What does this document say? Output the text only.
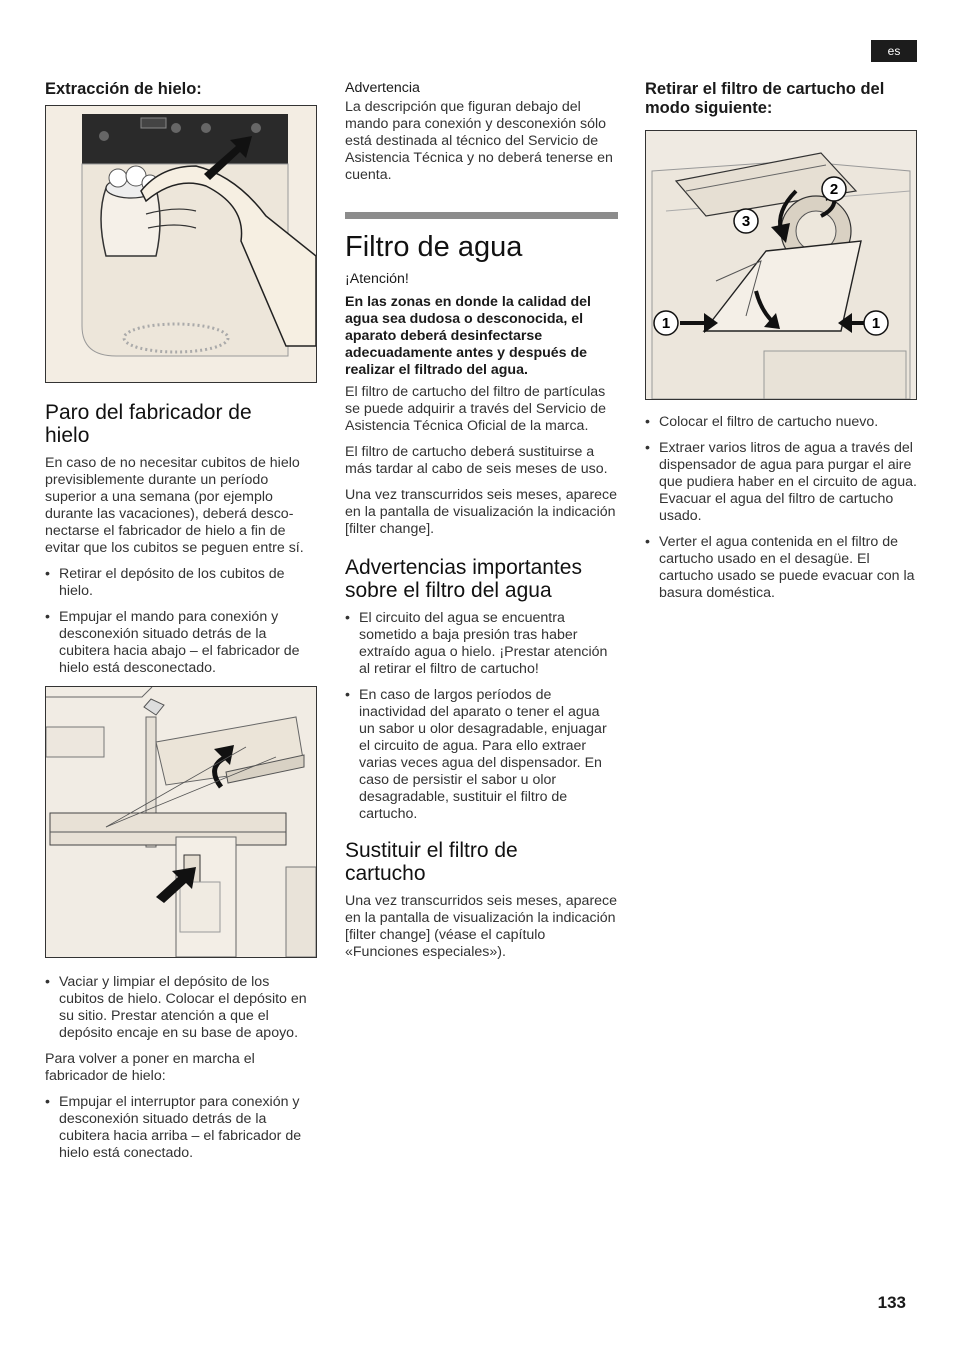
es
Extracción de hielo:
Paro del fabricador de hielo

En caso de no necesitar cubitos de hielo previsiblemente durante un período superior a una semana (por ejemplo durante las vacaciones), deberá desconectarse el fabricador de hielo a fin de evitar que los cubitos se peguen entre sí.

• Retirar el depósito de los cubitos de hielo.
• Empujar el mando para conexión y desconexión situado detrás de la cubitera hacia abajo – el fabricador de hielo está desconectado.
• Vaciar y limpiar el depósito de los cubitos de hielo. Colocar el depósito en su sitio. Prestar atención a que el depósito encaje en su base de apoyo.

Para volver a poner en marcha el fabricador de hielo:

• Empujar el interruptor para conexión y desconexión situado detrás de la cubitera hacia arriba – el fabricador de hielo está conectado.
Advertencia

La descripción que figuran debajo del mando para conexión y desconexión sólo está destinada al técnico del Servicio de Asistencia Técnica y no deberá tenerse en cuenta.

Filtro de agua
¡Atención!

En las zonas en donde la calidad del agua sea dudosa o desconocida, el aparato deberá desinfectarse adecuadamente antes y después de realizar el filtrado del agua.

El filtro de cartucho del filtro de partículas se puede adquirir a través del Servicio de Asistencia Técnica Oficial de la marca.

El filtro de cartucho deberá sustituirse a más tardar al cabo de seis meses de uso.

Una vez transcurridos seis meses, aparece en la pantalla de visualización la indicación [filter change].

Advertencias importantes sobre el filtro del agua
• El circuito del agua se encuentra sometido a baja presión tras haber extraído agua o hielo. ¡Prestar atención al retirar el filtro de cartucho!
• En caso de largos períodos de inactividad del aparato o tener el agua un sabor u olor desagradable, enjuagar el circuito de agua. Para ello extraer varias veces agua del dispensador. En caso de persistir el sabor u olor desagradable, sustituir el filtro de cartucho.
Sustituir el filtro de cartucho

Una vez transcurridos seis meses, aparece en la pantalla de visualización la indicación [filter change] (véase el capítulo «Funciones especiales»).

Retirar el filtro de cartucho del modo siguiente:
1	1
2
3
• Colocar el filtro de cartucho nuevo.
• Extraer varios litros de agua a través del dispensador de agua para purgar el aire que pudiera haber en el circuito de agua. Evacuar el agua del filtro de cartucho usado.
• Verter el agua contenida en el filtro de cartucho usado en el desagüe. El cartucho usado se puede evacuar con la basura doméstica.
133
